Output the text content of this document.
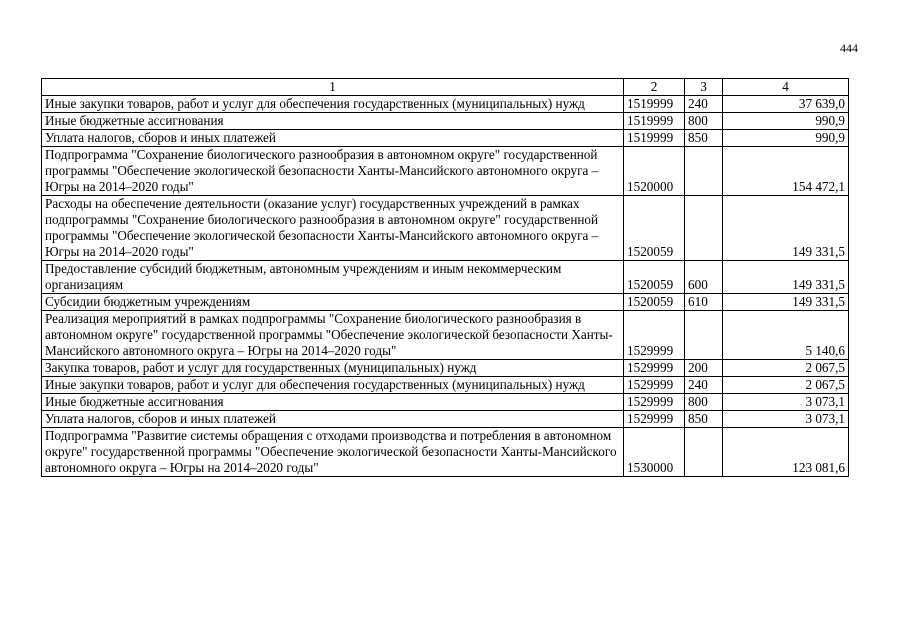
444
1	2	3	4
Иные закупки товаров, работ и услуг для обеспечения государственных (муниципальных) нужд	1519999	240	37 639,0
Иные бюджетные ассигнования	1519999	800	990,9
Уплата налогов, сборов и иных платежей	1519999	850	990,9
Подпрограмма "Сохранение биологического разнообразия в автономном округе" государственной программы "Обеспечение экологической безопасности Ханты-Мансийского автономного округа – Югры на 2014–2020 годы"	1520000		154 472,1
Расходы на обеспечение деятельности (оказание услуг) государственных учреждений в рамках подпрограммы "Сохранение биологического разнообразия в автономном округе" государственной программы "Обеспечение экологической безопасности Ханты-Мансийского автономного округа – Югры на 2014–2020 годы"	1520059		149 331,5
Предоставление субсидий бюджетным, автономным учреждениям и иным некоммерческим организациям	1520059	600	149 331,5
Субсидии бюджетным учреждениям	1520059	610	149 331,5
Реализация мероприятий в рамках подпрограммы "Сохранение биологического разнообразия в автономном округе" государственной программы "Обеспечение экологической безопасности Ханты-Мансийского автономного округа – Югры на 2014–2020 годы"	1529999		5 140,6
Закупка товаров, работ и услуг для государственных (муниципальных) нужд	1529999	200	2 067,5
Иные закупки товаров, работ и услуг для обеспечения государственных (муниципальных) нужд	1529999	240	2 067,5
Иные бюджетные ассигнования	1529999	800	3 073,1
Уплата налогов, сборов и иных платежей	1529999	850	3 073,1
Подпрограмма "Развитие системы обращения с отходами производства и потребления в автономном округе" государственной программы "Обеспечение экологической безопасности Ханты-Мансийского автономного округа – Югры на 2014–2020 годы"	1530000		123 081,6
